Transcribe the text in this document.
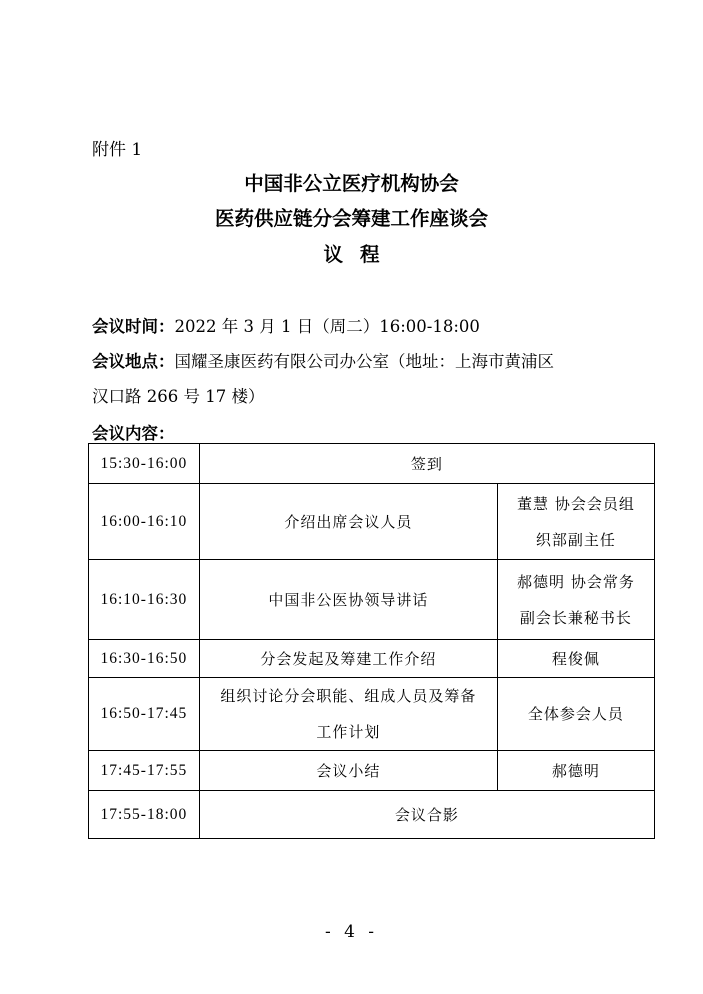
附件 1
中国非公立医疗机构协会
医药供应链分会筹建工作座谈会
议程
会议时间：2022 年 3 月 1 日（周二）16:00-18:00
会议地点：国耀圣康医药有限公司办公室（地址：上海市黄浦区
汉口路 266 号 17 楼）
会议内容：
15:30-16:00	签到	
16:00-16:10	介绍出席会议人员	董慧 协会会员组
织部副主任

16:10-16:30	中国非公医协领导讲话	郝德明 协会常务
副会长兼秘书长

16:30-16:50	分会发起及筹建工作介绍	程俊佩
16:50-17:45	组织讨论分会职能、组成人员及筹备
工作计划	全体参会人员
17:45-17:55	会议小结	郝德明
17:55-18:00	会议合影	
- 4 -
